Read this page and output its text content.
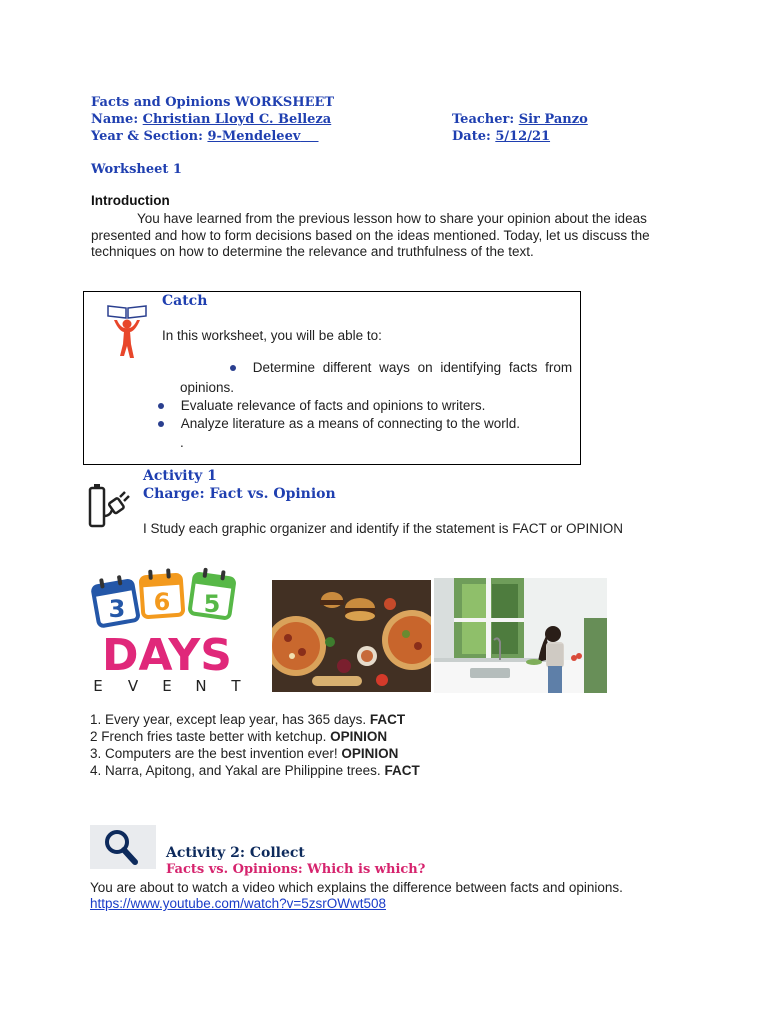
Facts and Opinions WORKSHEET
Name: Christian Lloyd C. Belleza	Teacher: Sir Panzo
Year & Section: 9-Mendeleev	Date: 5/12/21
Worksheet 1
Introduction
You have learned from the previous lesson how to share your opinion about the ideas
presented and how to form decisions based on the ideas mentioned. Today, let us discuss the
techniques on how to determine the relevance and truthfulness of the text.
Catch
In this worksheet, you will be able to:
Determine different ways on identifying facts from
opinions.
Evaluate relevance of facts and opinions to writers.
Analyze literature as a means of connecting to the world.
.
Activity 1
Charge: Fact vs. Opinion
I Study each graphic organizer and identify if the statement is FACT or OPINION
3 6 5
DAYS
E V E N T
1. Every year, except leap year, has 365 days. FACT
2 French fries taste better with ketchup. OPINION
3. Computers are the best invention ever! OPINION
4. Narra, Apitong, and Yakal are Philippine trees. FACT
Activity 2: Collect
Facts vs. Opinions: Which is which?
You are about to watch a video which explains the difference between facts and opinions.
https://www.youtube.com/watch?v=5zsrOWwt508
